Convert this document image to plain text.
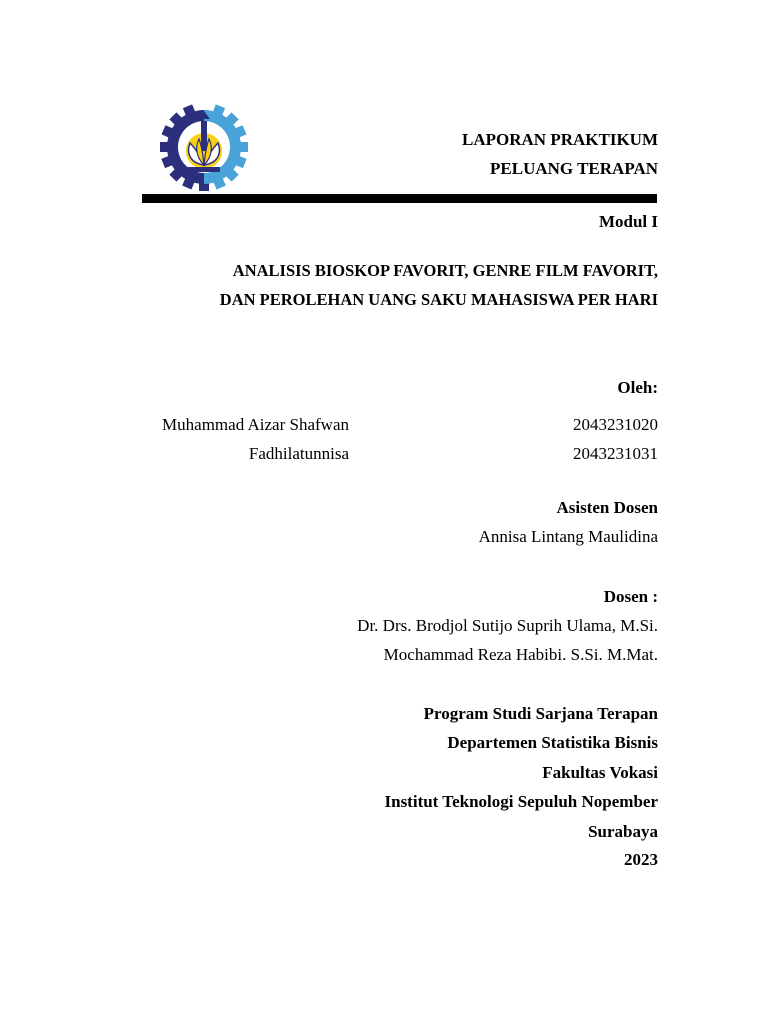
LAPORAN PRAKTIKUM
PELUANG TERAPAN
Modul I
ANALISIS BIOSKOP FAVORIT, GENRE FILM FAVORIT,
DAN PEROLEHAN UANG SAKU MAHASISWA PER HARI
Oleh:
Muhammad Aizar Shafwan	2043231020
Fadhilatunnisa	2043231031
Asisten Dosen
Annisa Lintang Maulidina
Dosen :
Dr. Drs. Brodjol Sutijo Suprih Ulama, M.Si.
Mochammad Reza Habibi. S.Si. M.Mat.
Program Studi Sarjana Terapan
Departemen Statistika Bisnis
Fakultas Vokasi
Institut Teknologi Sepuluh Nopember
Surabaya
2023
